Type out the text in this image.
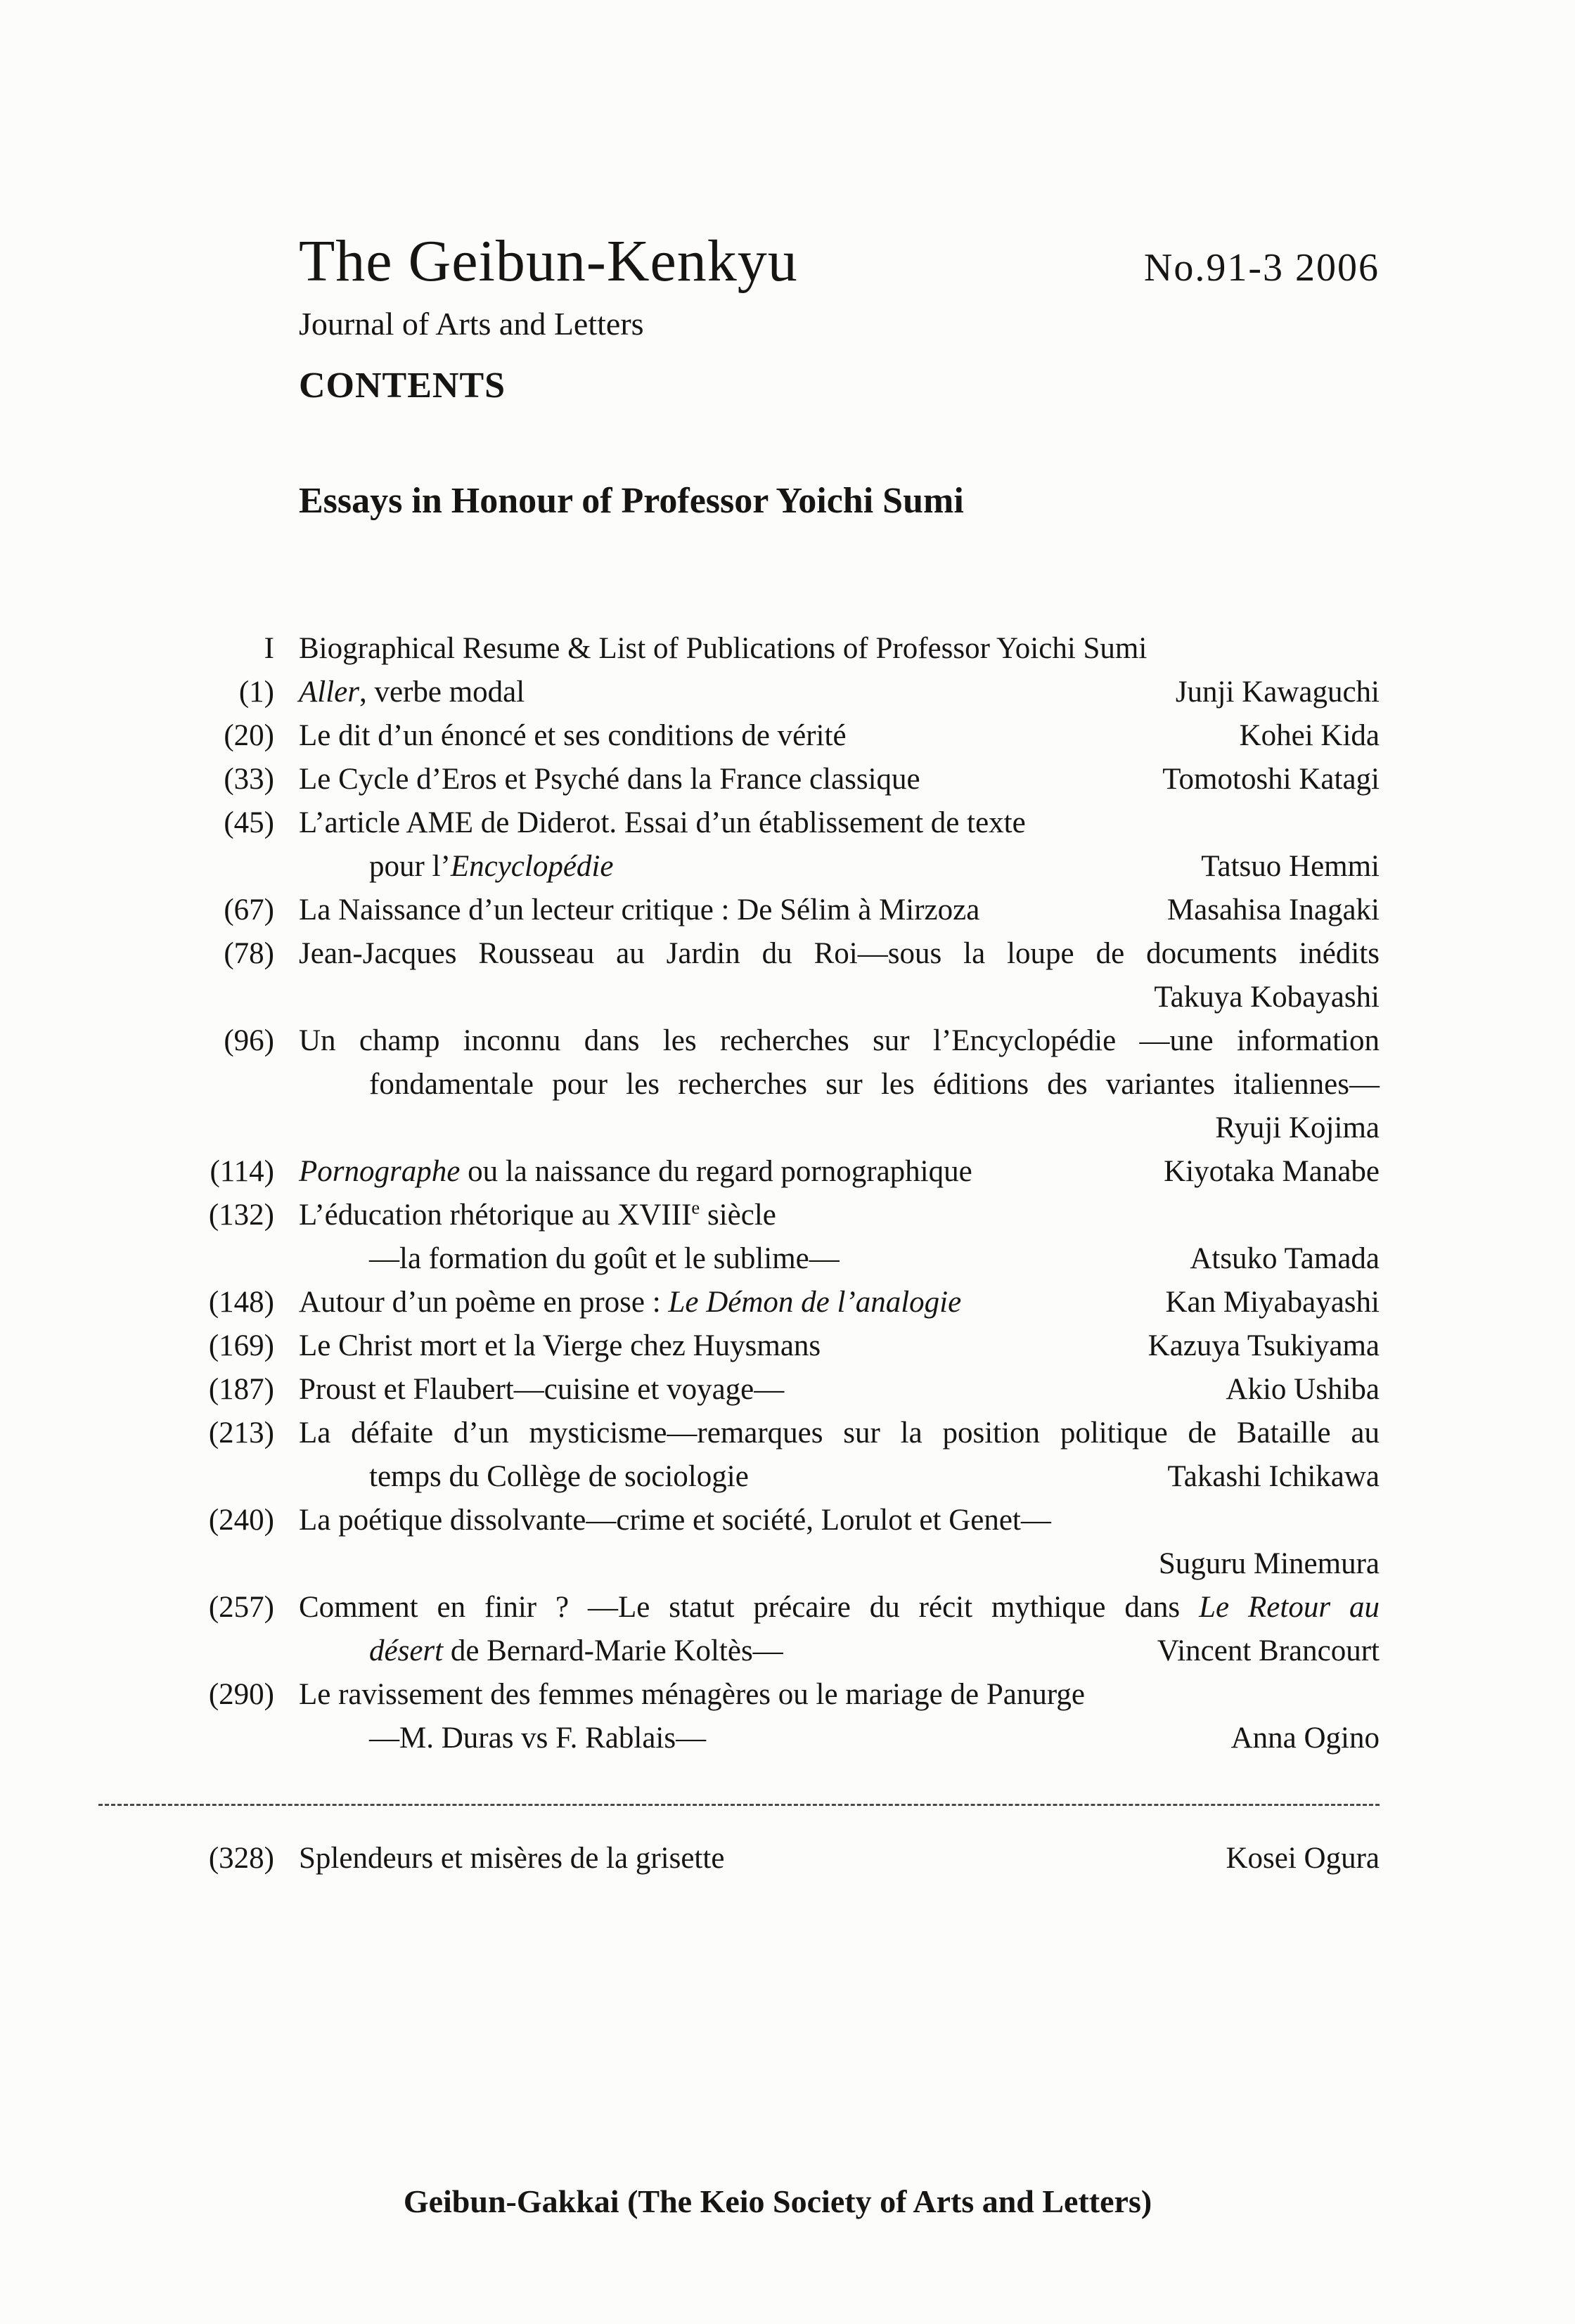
The Geibun-Kenkyu	No.91-3 2006
Journal of Arts and Letters
CONTENTS
Essays in Honour of Professor Yoichi Sumi
I Biographical Resume & List of Publications of Professor Yoichi Sumi
(1) Aller, verbe modal	Junji Kawaguchi
(20) Le dit d’un énoncé et ses conditions de vérité	Kohei Kida
(33) Le Cycle d’Eros et Psyché dans la France classique	Tomotoshi Katagi
(45) L’article AME de Diderot. Essai d’un établissement de texte
pour l’Encyclopédie	Tatsuo Hemmi
(67) La Naissance d’un lecteur critique : De Sélim à Mirzoza	Masahisa Inagaki
(78) Jean-Jacques Rousseau au Jardin du Roi—sous la loupe de documents inédits
Takuya Kobayashi
(96) Un champ inconnu dans les recherches sur l’Encyclopédie —une information
fondamentale pour les recherches sur les éditions des variantes italiennes—
Ryuji Kojima
(114) Pornographe ou la naissance du regard pornographique	Kiyotaka Manabe
(132) L’éducation rhétorique au XVIIIe siècle
—la formation du goût et le sublime—	Atsuko Tamada
(148) Autour d’un poème en prose : Le Démon de l’analogie	Kan Miyabayashi
(169) Le Christ mort et la Vierge chez Huysmans	Kazuya Tsukiyama
(187) Proust et Flaubert—cuisine et voyage—	Akio Ushiba
(213) La défaite d’un mysticisme—remarques sur la position politique de Bataille au
temps du Collège de sociologie	Takashi Ichikawa
(240) La poétique dissolvante—crime et société, Lorulot et Genet—
Suguru Minemura
(257) Comment en finir ? —Le statut précaire du récit mythique dans Le Retour au
désert de Bernard-Marie Koltès—	Vincent Brancourt
(290) Le ravissement des femmes ménagères ou le mariage de Panurge
—M. Duras vs F. Rablais—	Anna Ogino
(328) Splendeurs et misères de la grisette	Kosei Ogura
Geibun-Gakkai (The Keio Society of Arts and Letters)
